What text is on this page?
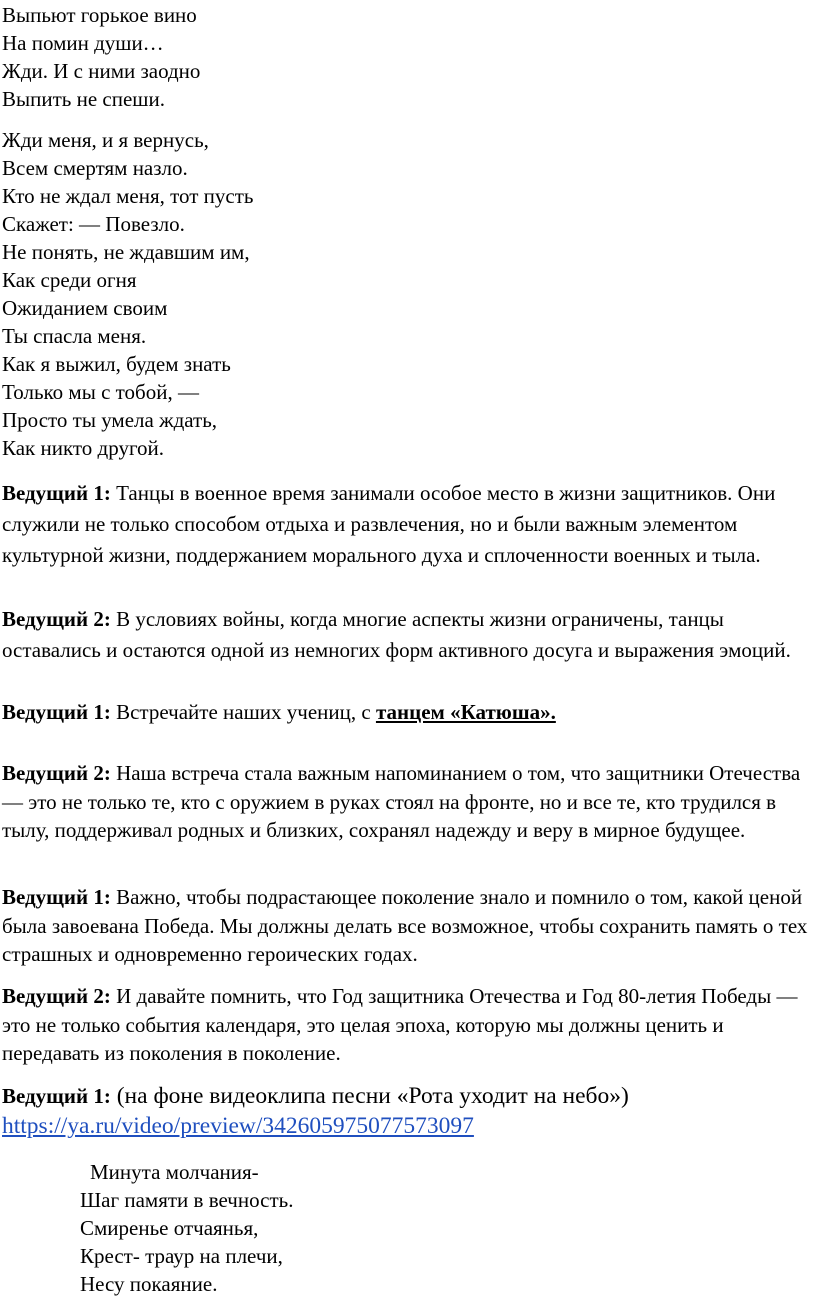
Выпьют горькое вино
На помин души…
Жди. И с ними заодно
Выпить не спеши.
Жди меня, и я вернусь,
Всем смертям назло.
Кто не ждал меня, тот пусть
Скажет: — Повезло.
Не понять, не ждавшим им,
Как среди огня
Ожиданием своим
Ты спасла меня.
Как я выжил, будем знать
Только мы с тобой, —
Просто ты умела ждать,
Как никто другой.
Ведущий 1: Танцы в военное время занимали особое место в жизни защитников. Они служили не только способом отдыха и развлечения, но и были важным элементом культурной жизни, поддержанием морального духа и сплоченности военных и тыла.
Ведущий 2: В условиях войны, когда многие аспекты жизни ограничены, танцы оставались и остаются одной из немногих форм активного досуга и выражения эмоций.
Ведущий 1: Встречайте наших учениц, с танцем «Катюша».
Ведущий 2: Наша встреча стала важным напоминанием о том, что защитники Отечества — это не только те, кто с оружием в руках стоял на фронте, но и все те, кто трудился в тылу, поддерживал родных и близких, сохранял надежду и веру в мирное будущее.
Ведущий 1: Важно, чтобы подрастающее поколение знало и помнило о том, какой ценой была завоевана Победа. Мы должны делать все возможное, чтобы сохранить память о тех страшных и одновременно героических годах.
Ведущий 2: И давайте помнить, что Год защитника Отечества и Год 80-летия Победы — это не только события календаря, это целая эпоха, которую мы должны ценить и передавать из поколения в поколение.
Ведущий 1: (на фоне видеоклипа песни «Рота уходит на небо»)
https://ya.ru/video/preview/342605975077573097
Минута молчания-
Шаг памяти в вечность.
Смиренье отчаянья,
Крест- траур на плечи,
Несу покаяние.
